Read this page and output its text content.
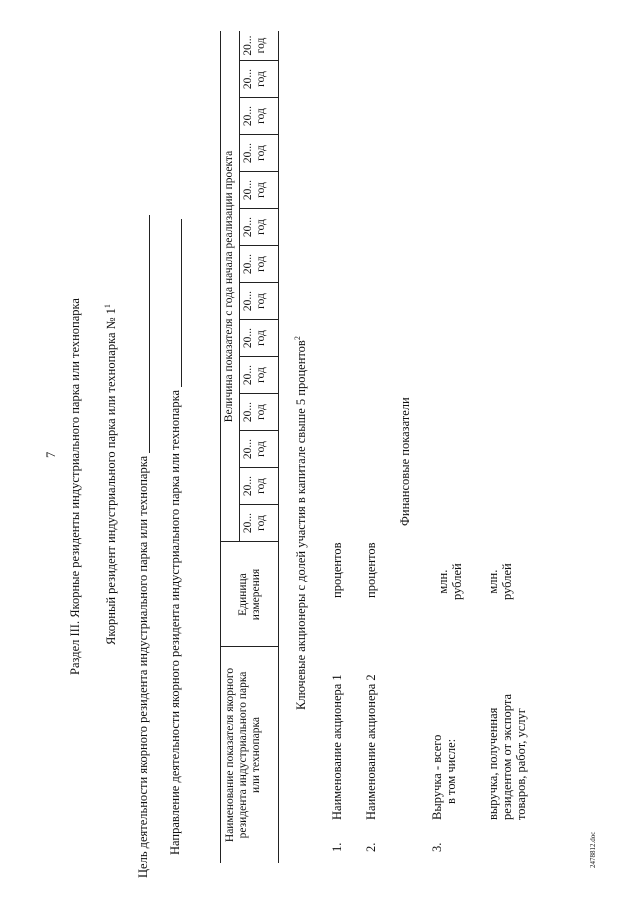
7 Раздел III. Якорные резиденты индустриального парка или технопарка Якорный резидент индустриального парка или технопарка № $1^1$
Цель деятельности якорного резидента индустриального парка или технопарка Направление деятельности якорного резидента индустриального парка или технопарка	Наименование показателя якорного резидента индустриального парка или технопарка
Единица измерения
Величина показателя с года начала реализации проекта
20... год
20... год
20... год
20... год
20... год
20... год
20... год
20... год
20... год
20... год
20... год
20... год
20... год
20... год
Ключевые акционеры с долей участия в капитале свыше 5 процентов$^2$
1.
Наименование акционера 1
процентов
2.
Наименование акционера 2
процентов
Финансовые показатели
3.
Выручка - всего в том числе:
млн. рублей
выручка, полученная резидентом от экспорта товаров, работ, услуг
млн. рублей
2478812.doc
